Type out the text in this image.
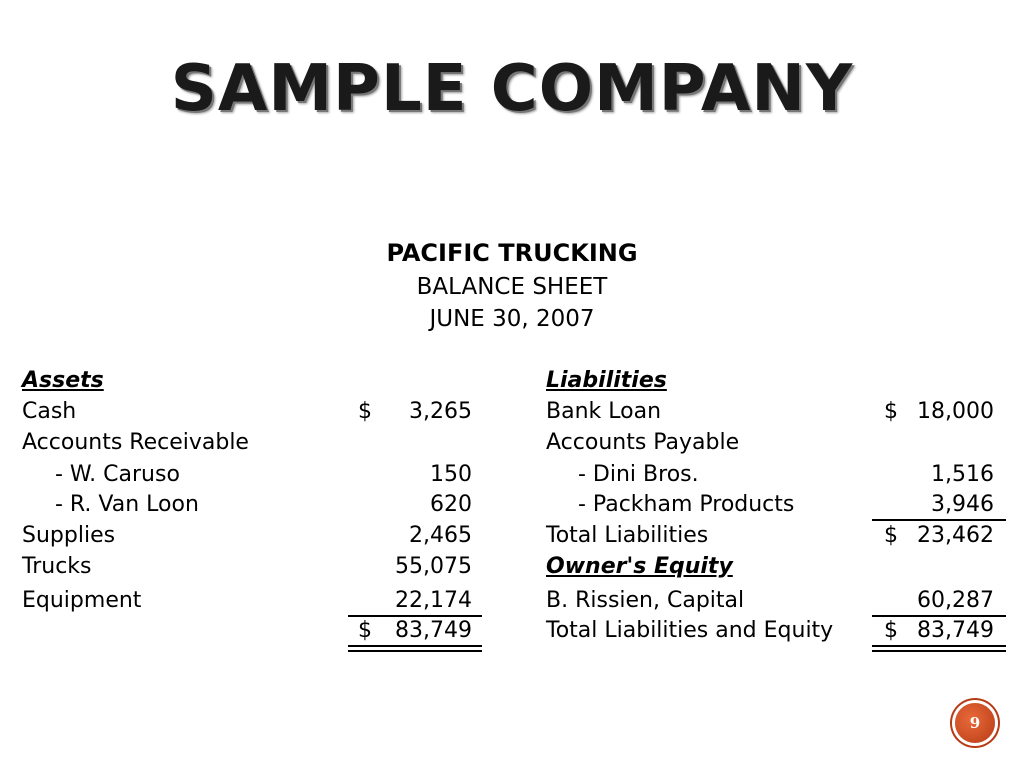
SAMPLE COMPANY
PACIFIC TRUCKING
BALANCE SHEET
JUNE 30, 2007
Assets
Cash	$	3,265
Accounts Receivable
- W. Caruso	150
- R. Van Loon	620
Supplies	2,465
Trucks	55,075
Equipment	22,174
$	83,749
Liabilities
Bank Loan	$ 18,000
Accounts Payable
- Dini Bros.	1,516
- Packham Products	3,946
Total Liabilities	$ 23,462
Owner's Equity
B. Rissien, Capital	60,287
Total Liabilities and Equity $ 83,749
9
